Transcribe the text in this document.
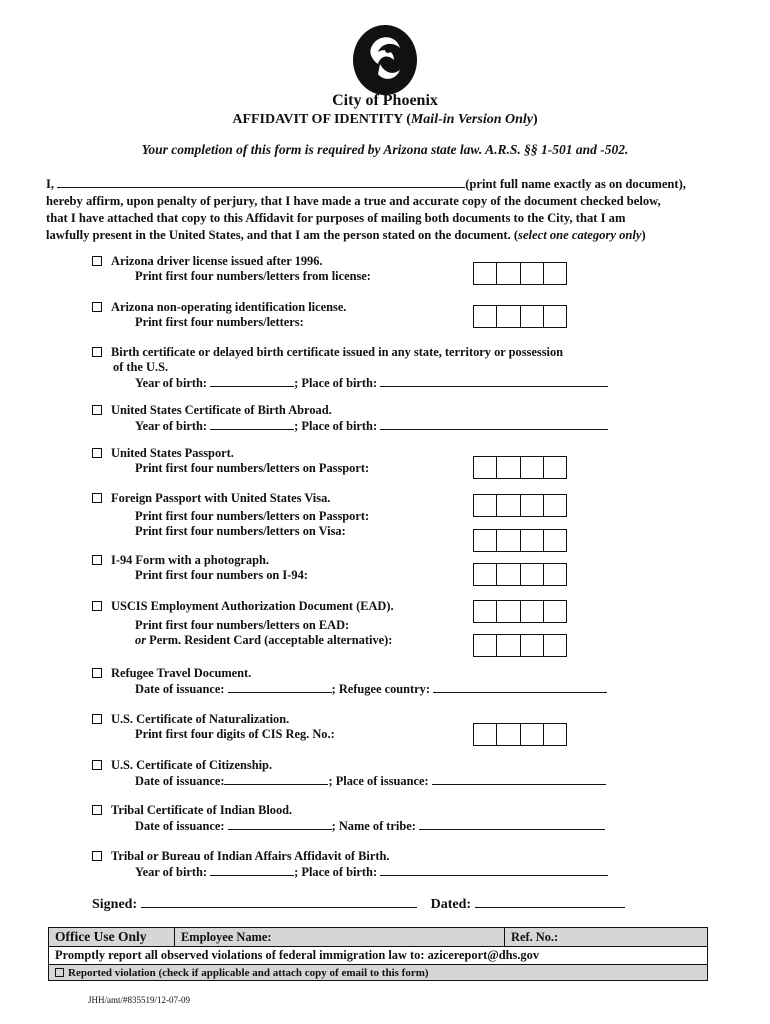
City of Phoenix
AFFIDAVIT OF IDENTITY (Mail-in Version Only)
Your completion of this form is required by Arizona state law. A.R.S. §§ 1-501 and -502.
I,	(print full name exactly as on document),
hereby affirm, upon penalty of perjury, that I have made a true and accurate copy of the document checked below,
that I have attached that copy to this Affidavit for purposes of mailing both documents to the City, that I am
lawfully present in the United States, and that I am the person stated on the document. (select one category only)
Arizona driver license issued after 1996.
Print first four numbers/letters from license:
Arizona non-operating identification license.
Print first four numbers/letters:
Birth certificate or delayed birth certificate issued in any state, territory or possession
of the U.S.
Year of birth:	; Place of birth:
United States Certificate of Birth Abroad.
Year of birth:	; Place of birth:
United States Passport.
Print first four numbers/letters on Passport:
Foreign Passport with United States Visa.
Print first four numbers/letters on Passport:
Print first four numbers/letters on Visa:
I-94 Form with a photograph.
Print first four numbers on I-94:
USCIS Employment Authorization Document (EAD).
Print first four numbers/letters on EAD:
or Perm. Resident Card (acceptable alternative):
Refugee Travel Document.
Date of issuance:	; Refugee country:
U.S. Certificate of Naturalization.
Print first four digits of CIS Reg. No.:
U.S. Certificate of Citizenship.
Date of issuance:	; Place of issuance:
Tribal Certificate of Indian Blood.
Date of issuance:	; Name of tribe:
Tribal or Bureau of Indian Affairs Affidavit of Birth.
Year of birth:	; Place of birth:
Signed:	Dated:
Office Use Only	Employee Name:	Ref. No.:
Promptly report all observed violations of federal immigration law to: azicereport@dhs.gov
Reported violation (check if applicable and attach copy of email to this form)
JHH/amt/#835519/12-07-09
